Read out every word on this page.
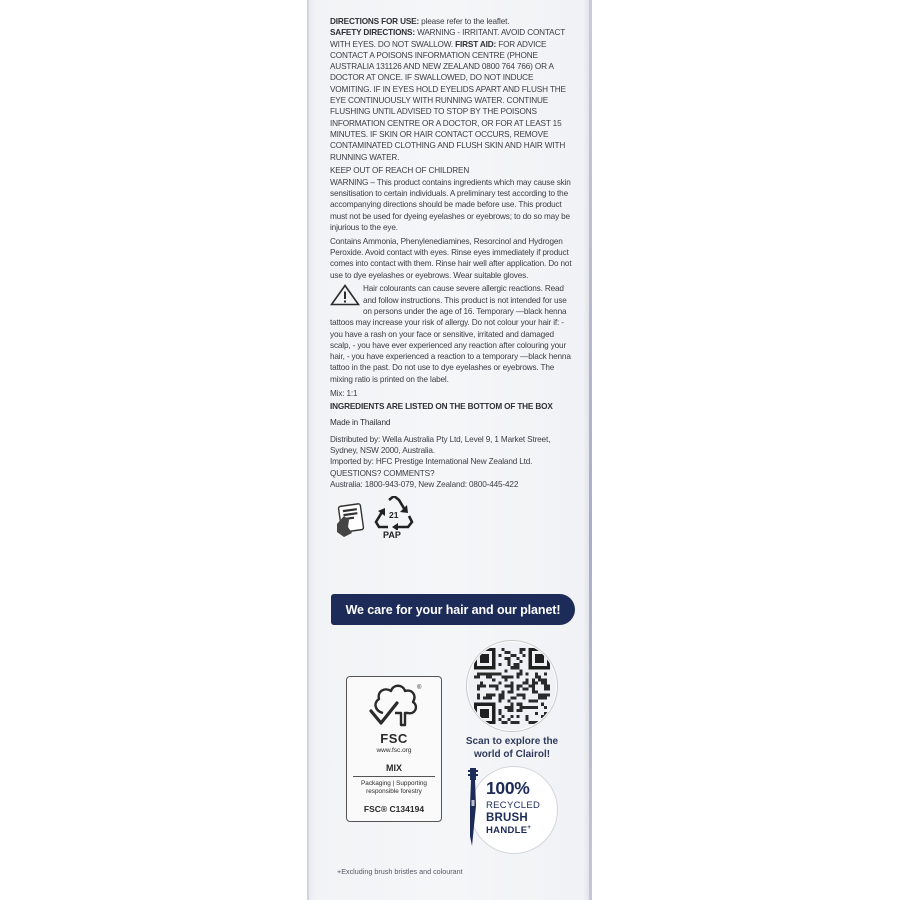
DIRECTIONS FOR USE: please refer to the leaflet.

SAFETY DIRECTIONS: WARNING - IRRITANT. AVOID CONTACT WITH EYES. DO NOT SWALLOW. FIRST AID: FOR ADVICE CONTACT A POISONS INFORMATION CENTRE (PHONE AUSTRALIA 131126 AND NEW ZEALAND 0800 764 766) OR A DOCTOR AT ONCE. IF SWALLOWED, DO NOT INDUCE VOMITING. IF IN EYES HOLD EYELIDS APART AND FLUSH THE EYE CONTINUOUSLY WITH RUNNING WATER. CONTINUE FLUSHING UNTIL ADVISED TO STOP BY THE POISONS INFORMATION CENTRE OR A DOCTOR, OR FOR AT LEAST 15 MINUTES. IF SKIN OR HAIR CONTACT OCCURS, REMOVE CONTAMINATED CLOTHING AND FLUSH SKIN AND HAIR WITH RUNNING WATER.

KEEP OUT OF REACH OF CHILDREN

WARNING – This product contains ingredients which may cause skin sensitisation to certain individuals. A preliminary test according to the accompanying directions should be made before use. This product must not be used for dyeing eyelashes or eyebrows; to do so may be injurious to the eye.

Contains Ammonia, Phenylenediamines, Resorcinol and Hydrogen Peroxide. Avoid contact with eyes. Rinse eyes immediately if product comes into contact with them. Rinse hair well after application. Do not use to dye eyelashes or eyebrows. Wear suitable gloves.

Hair colourants can cause severe allergic reactions. Read and follow instructions. This product is not intended for use on persons under the age of 16. Temporary —black henna tattoos may increase your risk of allergy. Do not colour your hair if: - you have a rash on your face or sensitive, irritated and damaged scalp, - you have ever experienced any reaction after colouring your hair, - you have experienced a reaction to a temporary —black henna tattoo in the past. Do not use to dye eyelashes or eyebrows. The mixing ratio is printed on the label.

Mix: 1:1

INGREDIENTS ARE LISTED ON THE BOTTOM OF THE BOX

Made in Thailand

Distributed by: Wella Australia Pty Ltd, Level 9, 1 Market Street,

Sydney, NSW 2000, Australia.

Imported by: HFC Prestige International New Zealand Ltd.

QUESTIONS? COMMENTS?

Australia: 1800-943-079, New Zealand: 0800-445-422

21
PAP
We care for your hair and our planet!
®
FSC
www.fsc.org
MIX
Packaging | Supporting
responsible forestry
FSC® C134194
Scan to explore the
world of Clairol!
100%
RECYCLED
BRUSH
HANDLE+
+Excluding brush bristles and colourant
